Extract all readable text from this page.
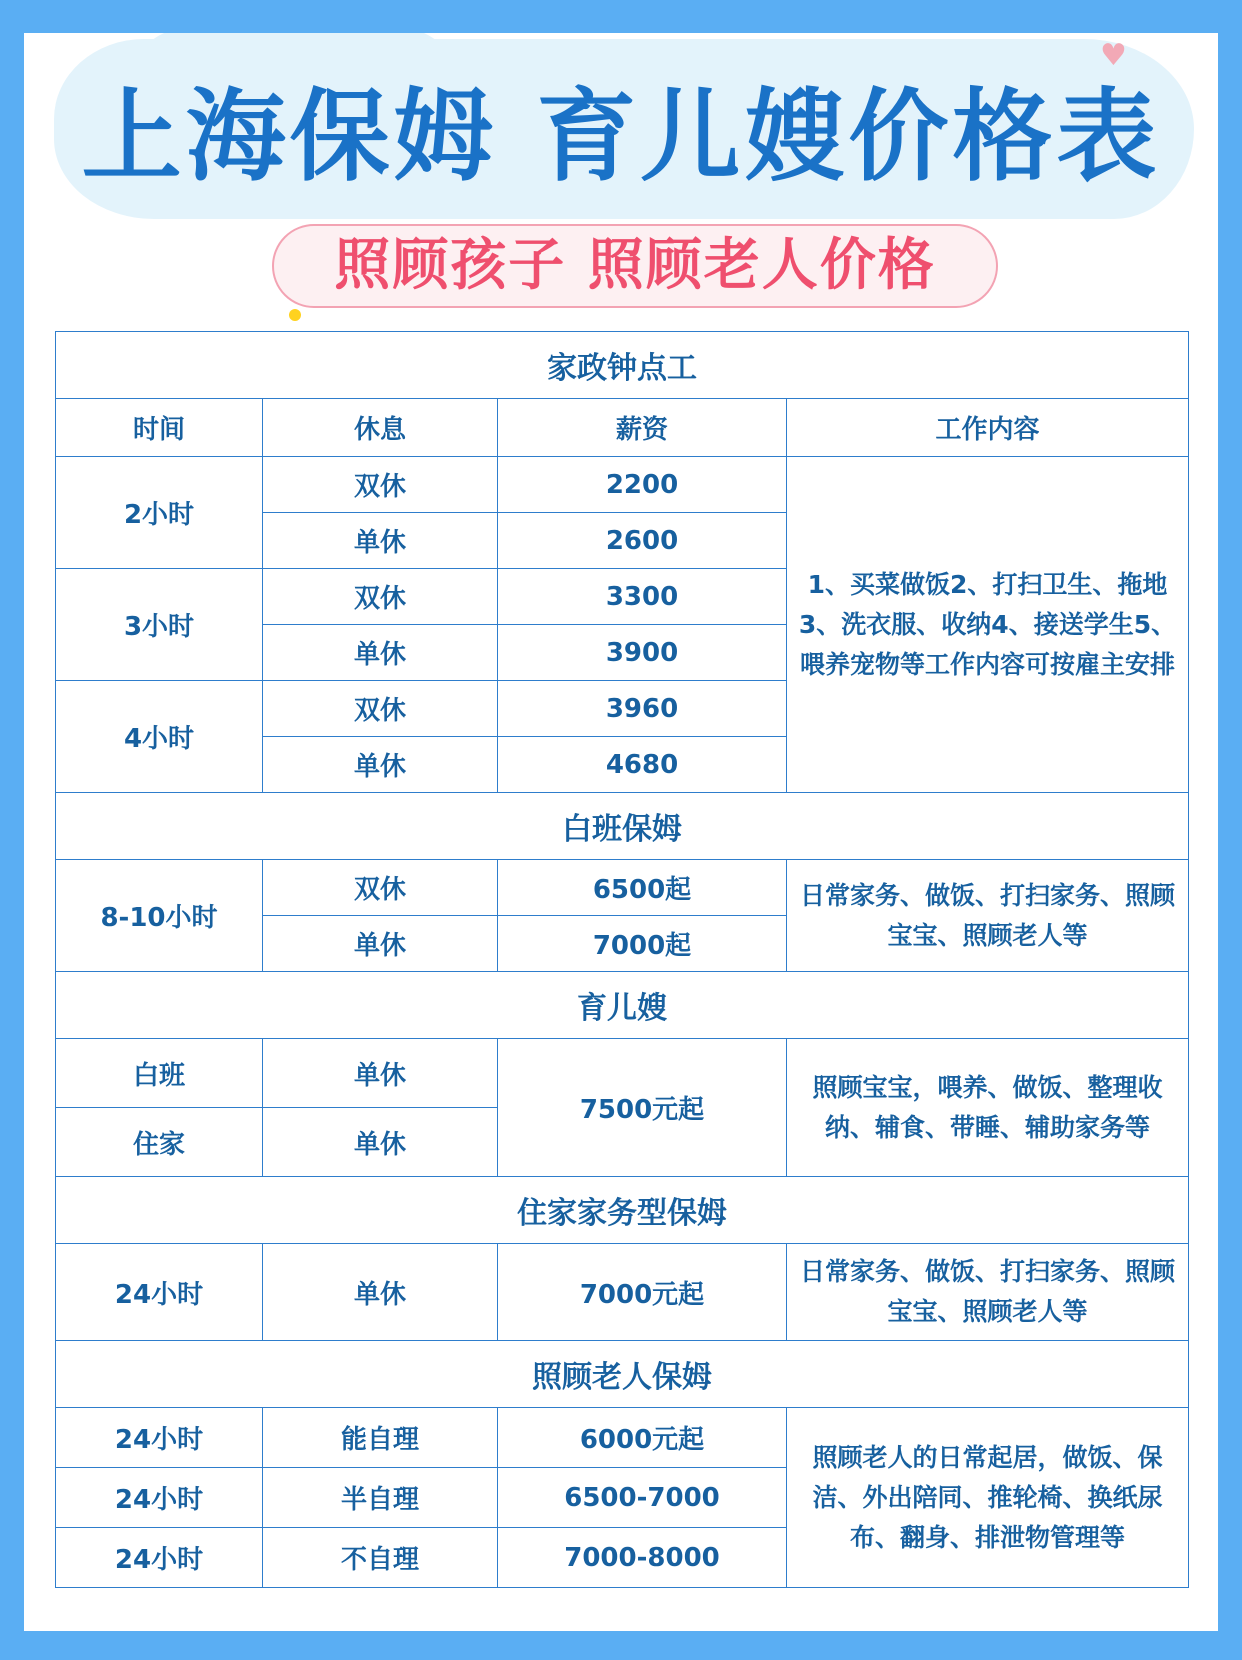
♥
上海保姆 育儿嫂价格表
照顾孩子 照顾老人价格
家政钟点工			
时间	休息	薪资	工作内容
2小时	双休	2200	1、买菜做饭2、打扫卫生、拖地3、洗衣服、收纳4、接送学生5、喂养宠物等工作内容可按雇主安排
	单休	2600	
3小时	双休	3300	
	单休	3900	
4小时	双休	3960	
	单休	4680	
白班保姆			
8-10小时	双休	6500起	日常家务、做饭、打扫家务、照顾宝宝、照顾老人等
	单休	7000起	
育儿嫂			
白班	单休	7500元起	照顾宝宝，喂养、做饭、整理收纳、辅食、带睡、辅助家务等
住家	单休		
住家家务型保姆			
24小时	单休	7000元起	日常家务、做饭、打扫家务、照顾宝宝、照顾老人等
照顾老人保姆			
24小时	能自理	6000元起	照顾老人的日常起居，做饭、保洁、外出陪同、推轮椅、换纸尿布、翻身、排泄物管理等
24小时	半自理	6500-7000	
24小时	不自理	7000-8000	
